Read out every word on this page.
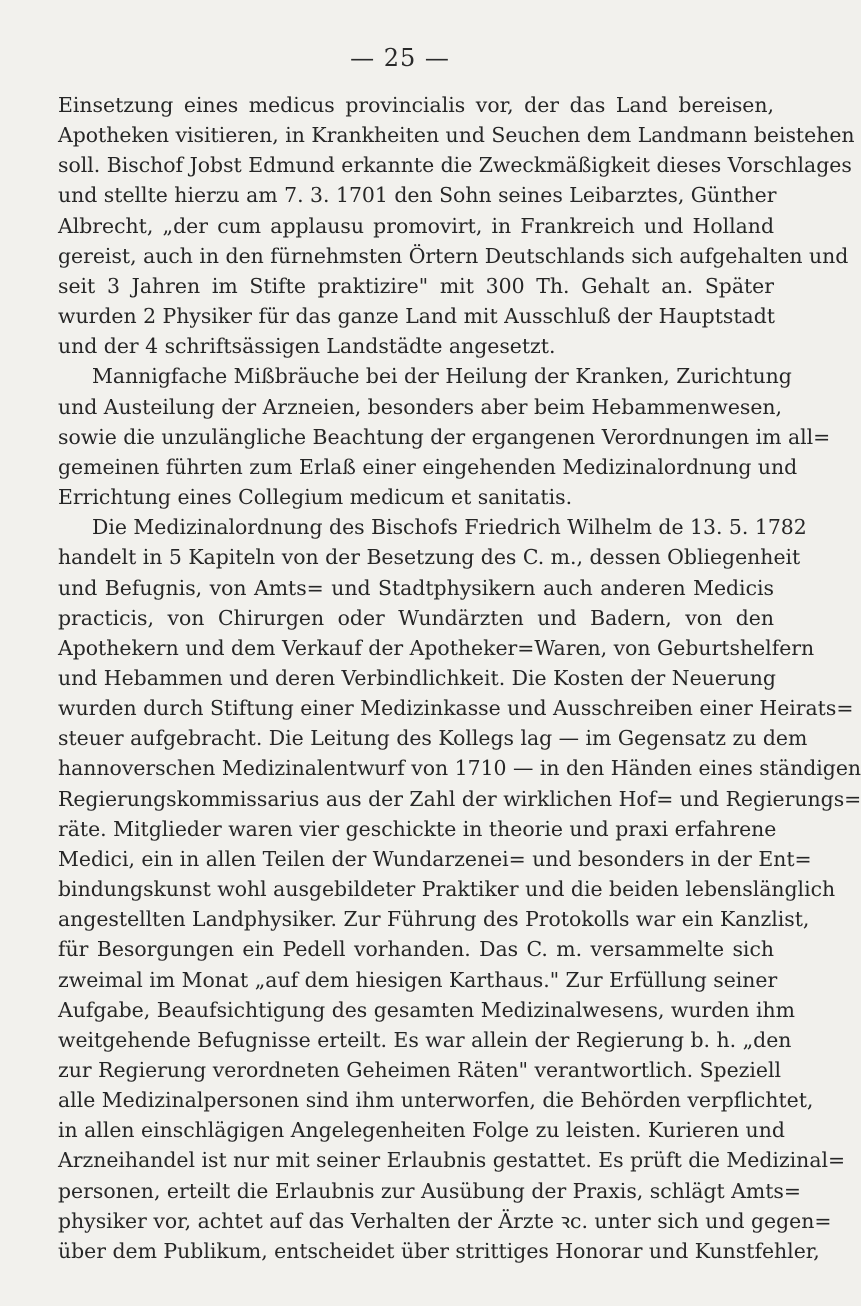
— 25 —
Einsetzung eines medicus provincialis vor, der das Land bereisen,
Apotheken visitieren, in Krankheiten und Seuchen dem Landmann beistehen
soll. Bischof Jobst Edmund erkannte die Zweckmäßigkeit dieses Vorschlages
und stellte hierzu am 7. 3. 1701 den Sohn seines Leibarztes, Günther
Albrecht, „der cum applausu promovirt, in Frankreich und Holland
gereist, auch in den fürnehmsten Örtern Deutschlands sich aufgehalten und
seit 3 Jahren im Stifte praktizire" mit 300 Th. Gehalt an. Später
wurden 2 Physiker für das ganze Land mit Ausschluß der Hauptstadt
und der 4 schriftsässigen Landstädte angesetzt.
Mannigfache Mißbräuche bei der Heilung der Kranken, Zurichtung
und Austeilung der Arzneien, besonders aber beim Hebammenwesen,
sowie die unzulängliche Beachtung der ergangenen Verordnungen im all=
gemeinen führten zum Erlaß einer eingehenden Medizinalordnung und
Errichtung eines Collegium medicum et sanitatis.
Die Medizinalordnung des Bischofs Friedrich Wilhelm de 13. 5. 1782
handelt in 5 Kapiteln von der Besetzung des C. m., dessen Obliegenheit
und Befugnis, von Amts= und Stadtphysikern auch anderen Medicis
practicis, von Chirurgen oder Wundärzten und Badern, von den
Apothekern und dem Verkauf der Apotheker=Waren, von Geburtshelfern
und Hebammen und deren Verbindlichkeit. Die Kosten der Neuerung
wurden durch Stiftung einer Medizinkasse und Ausschreiben einer Heirats=
steuer aufgebracht. Die Leitung des Kollegs lag — im Gegensatz zu dem
hannoverschen Medizinalentwurf von 1710 — in den Händen eines ständigen
Regierungskommissarius aus der Zahl der wirklichen Hof= und Regierungs=
räte. Mitglieder waren vier geschickte in theorie und praxi erfahrene
Medici, ein in allen Teilen der Wundarzenei= und besonders in der Ent=
bindungskunst wohl ausgebildeter Praktiker und die beiden lebenslänglich
angestellten Landphysiker. Zur Führung des Protokolls war ein Kanzlist,
für Besorgungen ein Pedell vorhanden. Das C. m. versammelte sich
zweimal im Monat „auf dem hiesigen Karthaus." Zur Erfüllung seiner
Aufgabe, Beaufsichtigung des gesamten Medizinalwesens, wurden ihm
weitgehende Befugnisse erteilt. Es war allein der Regierung b. h. „den
zur Regierung verordneten Geheimen Räten" verantwortlich. Speziell
alle Medizinalpersonen sind ihm unterworfen, die Behörden verpflichtet,
in allen einschlägigen Angelegenheiten Folge zu leisten. Kurieren und
Arzneihandel ist nur mit seiner Erlaubnis gestattet. Es prüft die Medizinal=
personen, erteilt die Erlaubnis zur Ausübung der Praxis, schlägt Amts=
physiker vor, achtet auf das Verhalten der Ärzte ꝛc. unter sich und gegen=
über dem Publikum, entscheidet über strittiges Honorar und Kunstfehler,
